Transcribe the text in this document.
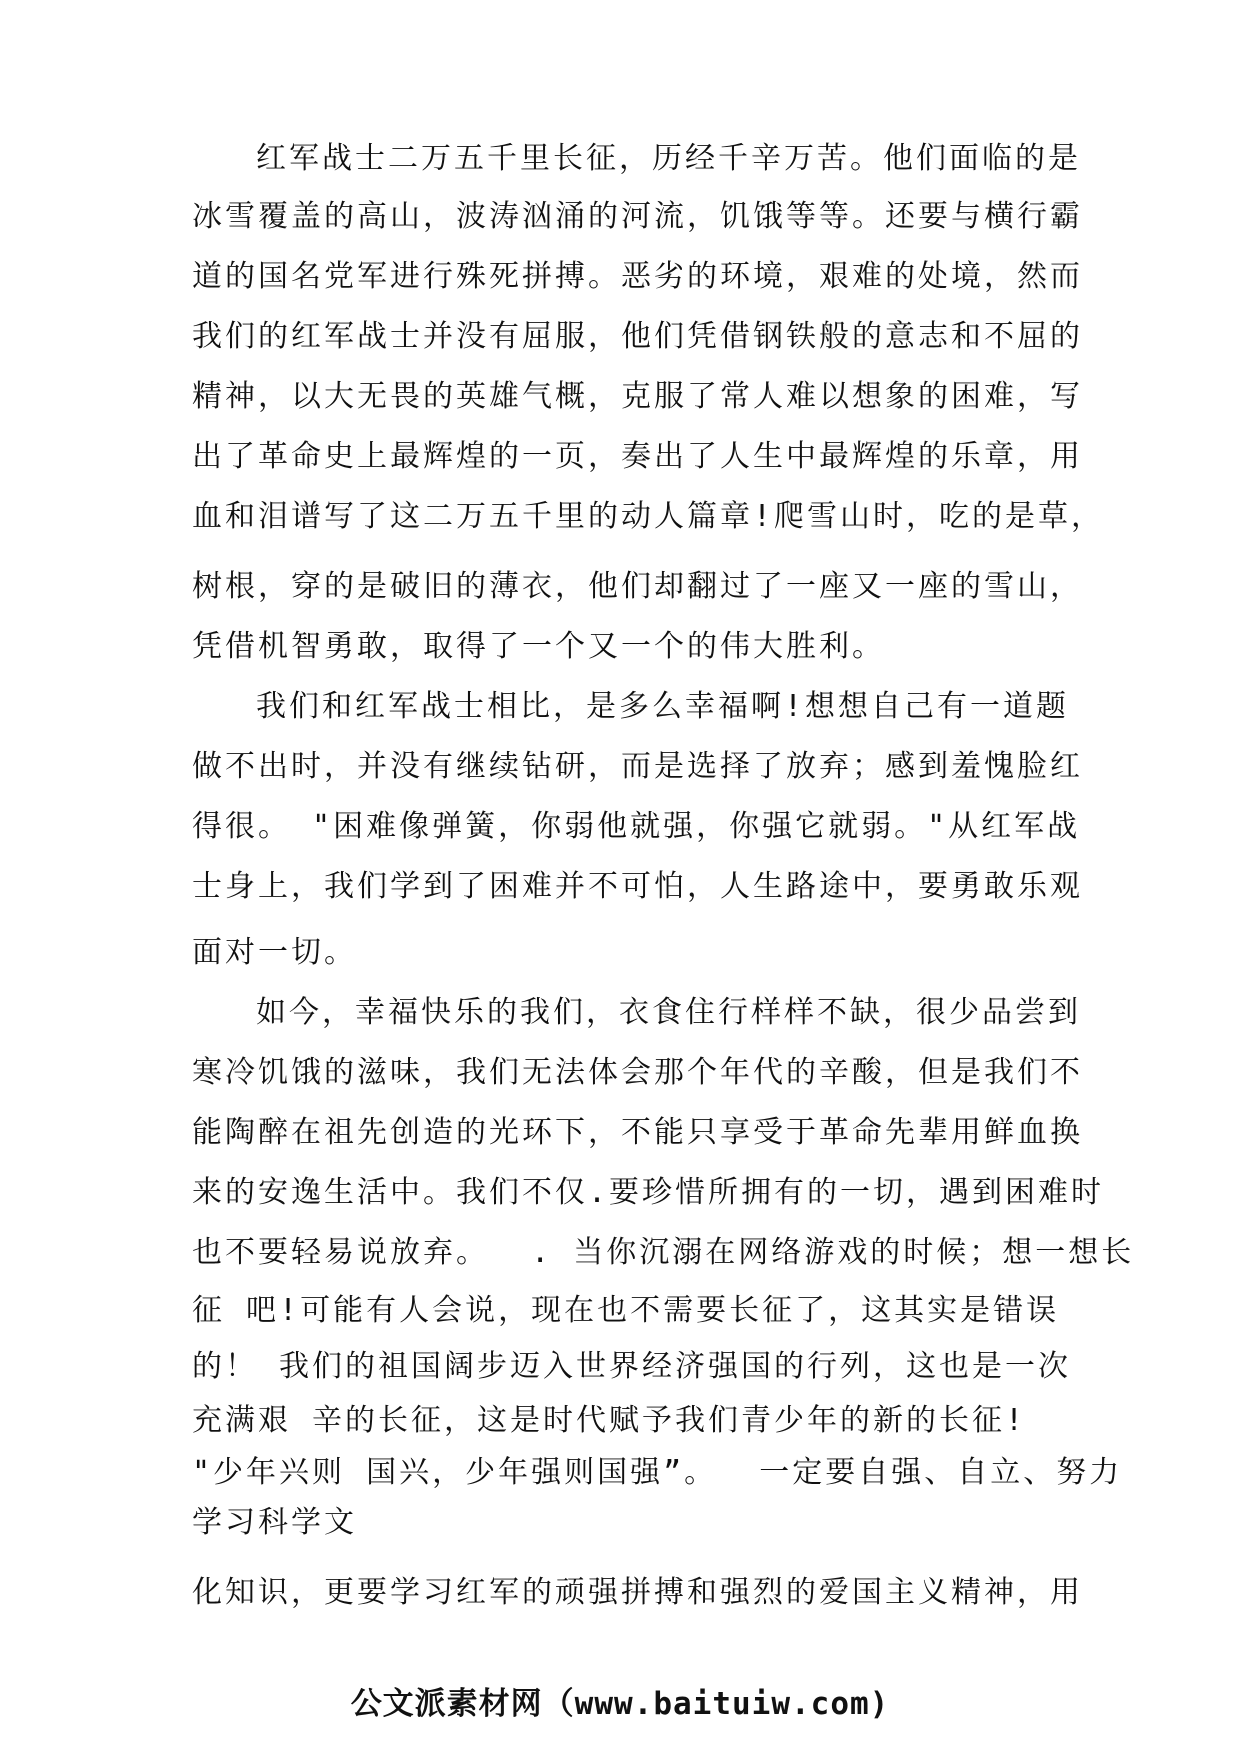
红军战士二万五千里长征，历经千辛万苦。他们面临的是
冰雪覆盖的高山，波涛汹涌的河流，饥饿等等。还要与横行霸
道的国名党军进行殊死拼搏。恶劣的环境，艰难的处境，然而
我们的红军战士并没有屈服，他们凭借钢铁般的意志和不屈的
精神，以大无畏的英雄气概，克服了常人难以想象的困难，写
出了革命史上最辉煌的一页，奏出了人生中最辉煌的乐章，用
血和泪谱写了这二万五千里的动人篇章!爬雪山时，吃的是草，
树根，穿的是破旧的薄衣，他们却翻过了一座又一座的雪山，
凭借机智勇敢，取得了一个又一个的伟大胜利。
我们和红军战士相比，是多么幸福啊!想想自己有一道题
做不出时，并没有继续钻研，而是选择了放弃；感到羞愧脸红
得很。 "困难像弹簧，你弱他就强，你强它就弱。"从红军战
士身上，我们学到了困难并不可怕，人生路途中，要勇敢乐观
面对一切。
如今，幸福快乐的我们，衣食住行样样不缺，很少品尝到
寒冷饥饿的滋味，我们无法体会那个年代的辛酸，但是我们不
能陶醉在祖先创造的光环下，不能只享受于革命先辈用鲜血换
来的安逸生活中。我们不仅.要珍惜所拥有的一切，遇到困难时
也不要轻易说放弃。  . 当你沉溺在网络游戏的时候；想一想长
征 吧!可能有人会说，现在也不需要长征了，这其实是错误
的！ 我们的祖国阔步迈入世界经济强国的行列，这也是一次
充满艰 辛的长征，这是时代赋予我们青少年的新的长征!
"少年兴则 国兴，少年强则国强”。  一定要自强、自立、努力
学习科学文
化知识，更要学习红军的顽强拼搏和强烈的爱国主义精神，用
公文派素材网（www.baituiw.com)
